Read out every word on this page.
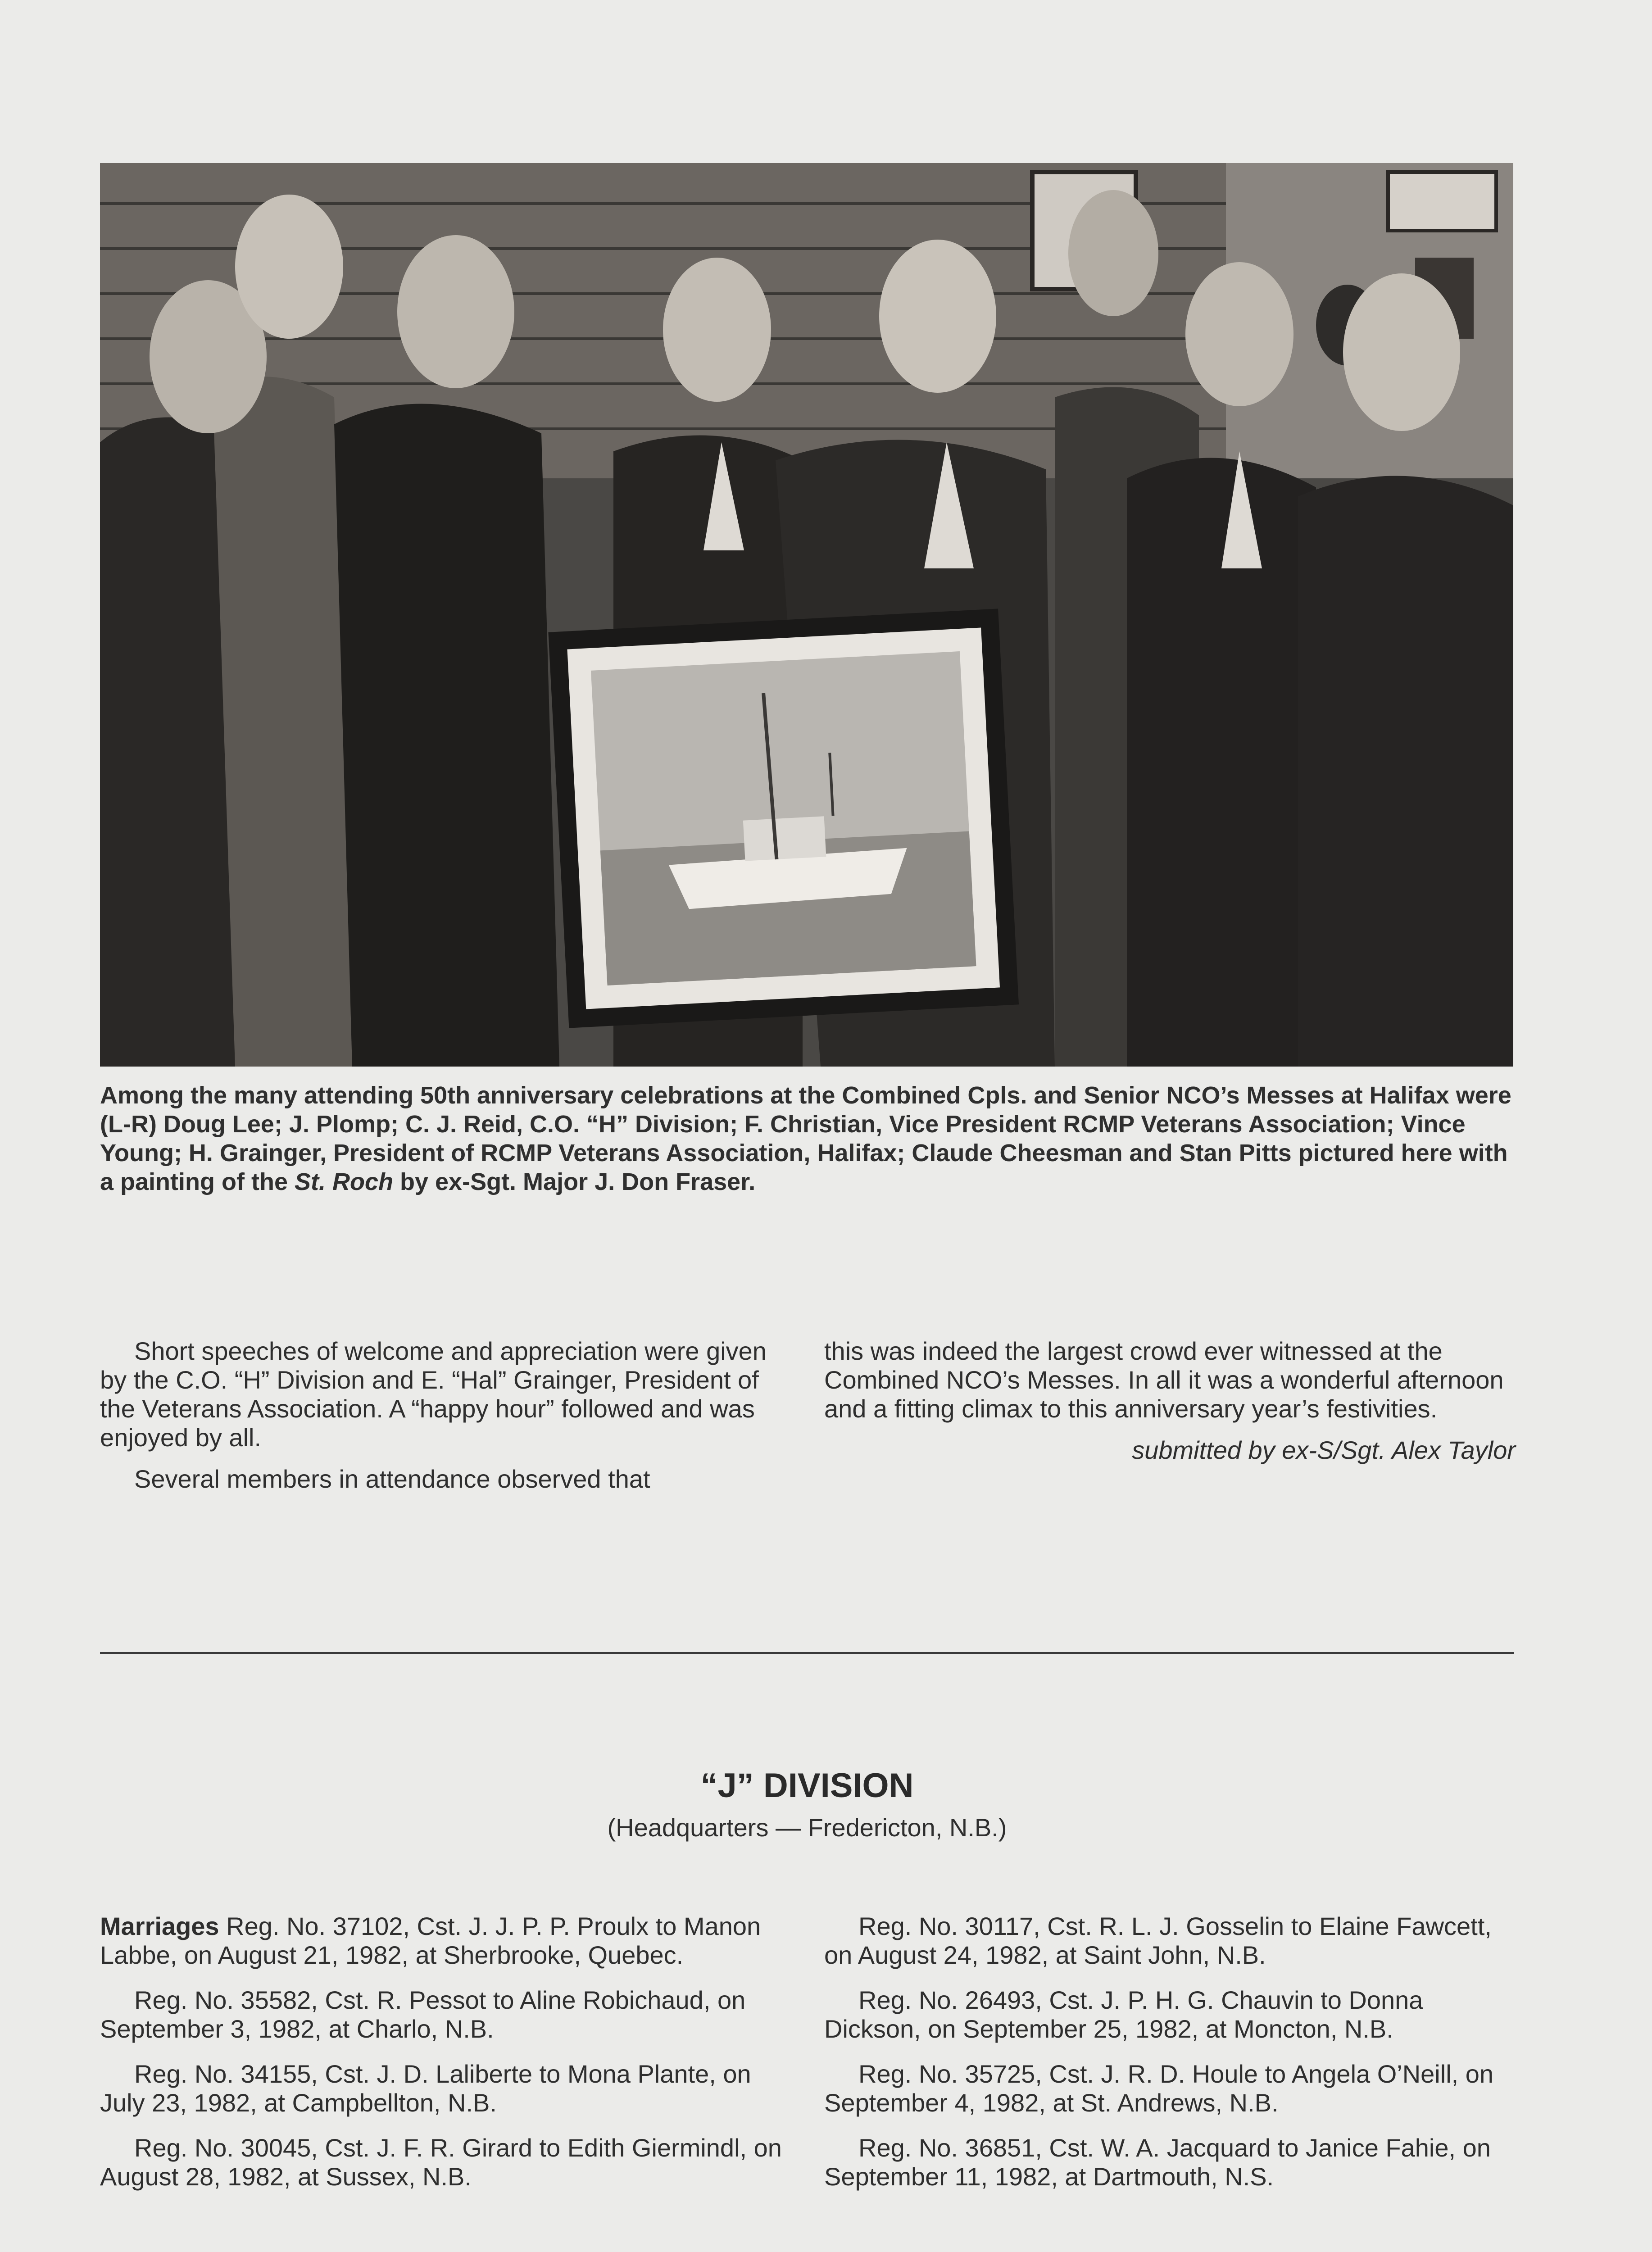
Among the many attending 50th anniversary celebrations at the Combined Cpls. and Senior NCO’s Messes at Halifax were (L-R) Doug Lee; J. Plomp; C. J. Reid, C.O. “H” Division; F. Christian, Vice President RCMP Veterans Association; Vince Young; H. Grainger, President of RCMP Veterans Association, Halifax; Claude Cheesman and Stan Pitts pictured here with a painting of the St. Roch by ex-Sgt. Major J. Don Fraser.

Short speeches of welcome and appreciation were given by the C.O. “H” Division and E. “Hal” Grainger, President of the Veterans Association. A “happy hour” followed and was enjoyed by all.

Several members in attendance observed that

this was indeed the largest crowd ever witnessed at the Combined NCO’s Messes. In all it was a wonderful afternoon and a fitting climax to this anniversary year’s festivities.

submitted by ex-S/Sgt. Alex Taylor

“J” DIVISION

(Headquarters — Fredericton, N.B.)

Marriages Reg. No. 37102, Cst. J. J. P. P. Proulx to Manon Labbe, on August 21, 1982, at Sherbrooke, Quebec.

Reg. No. 35582, Cst. R. Pessot to Aline Robichaud, on September 3, 1982, at Charlo, N.B.

Reg. No. 34155, Cst. J. D. Laliberte to Mona Plante, on July 23, 1982, at Campbellton, N.B.

Reg. No. 30045, Cst. J. F. R. Girard to Edith Giermindl, on August 28, 1982, at Sussex, N.B.

Reg. No. 30117, Cst. R. L. J. Gosselin to Elaine Fawcett, on August 24, 1982, at Saint John, N.B.

Reg. No. 26493, Cst. J. P. H. G. Chauvin to Donna Dickson, on September 25, 1982, at Moncton, N.B.

Reg. No. 35725, Cst. J. R. D. Houle to Angela O’Neill, on September 4, 1982, at St. Andrews, N.B.

Reg. No. 36851, Cst. W. A. Jacquard to Janice Fahie, on September 11, 1982, at Dartmouth, N.S.
